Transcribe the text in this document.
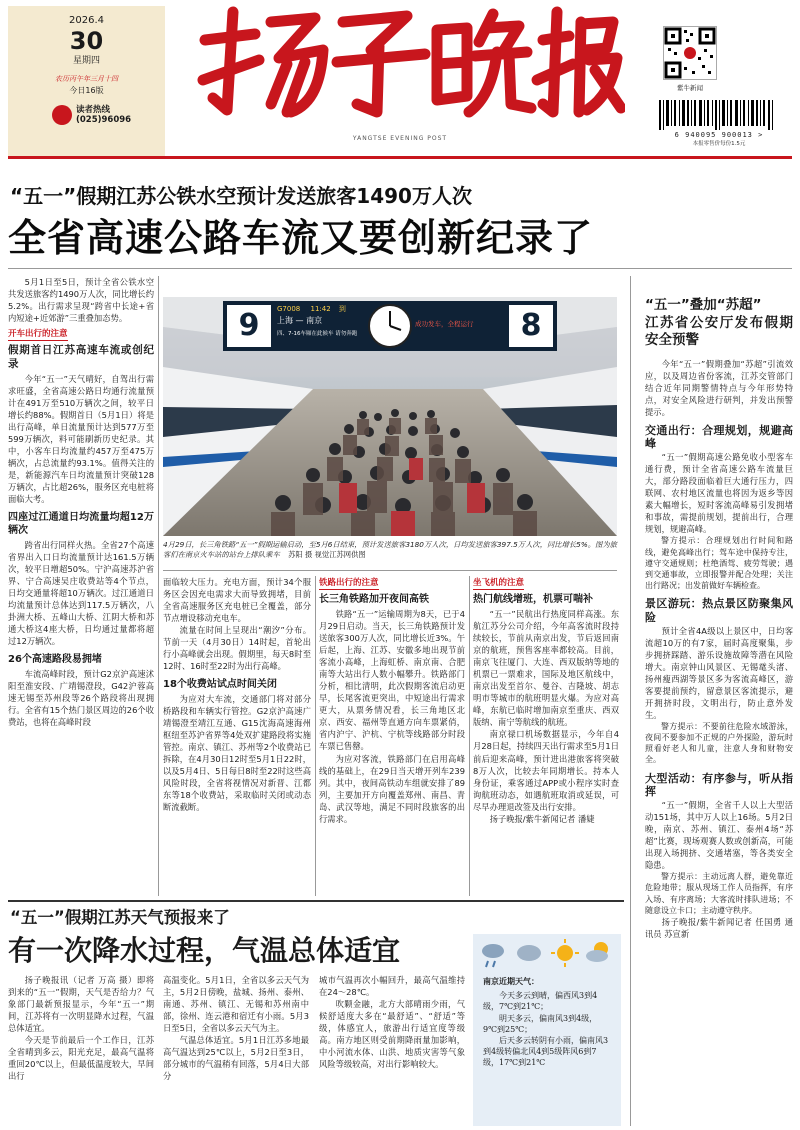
2026.4
30
星期四
农历丙午年三月十四
今日16版
读者热线
(025)96096
YANGTSE EVENING POST
紫牛新闻
6 940095 900013 >
本报零售价每份1.5元
“五一”假期江苏公铁水空预计发送旅客1490万人次
全省高速公路车流又要创新纪录了

5月1日至5日，预计全省公铁水空共发送旅客约1490万人次，同比增长约5.2%。出行需求呈现“跨省中长途+省内短途+近郊游”三重叠加态势。

开车出行的注意
假期首日江苏高速车流或创纪录

今年“五一”天气晴好，自驾出行需求旺盛，全省高速公路日均通行流量预计在491万至510万辆次之间，较平日增长约88%。假期首日（5月1日）将是出行高峰，单日流量预计达到577万至599万辆次，料可能刷新历史纪录。其中，小客车日均流量约457万至475万辆次，占总流量约93.1%。值得关注的是，新能源汽车日均流量预计突破128万辆次，占比超26%，服务区充电桩将面临大考。

四座过江通道日均流量均超12万辆次

跨省出行同样火热。全省27个高速省界出入口日均流量预计达161.5万辆次，较平日增超50%。宁沪高速苏沪省界、宁合高速吴庄收费站等4个节点，日均交通量将超10万辆次。过江通道日均流量预计总体达到117.5万辆次，八卦洲大桥、五峰山大桥、江阴大桥和苏通大桥这4座大桥，日均通过量都将超过12万辆次。

26个高速路段易拥堵

车流高峰时段，预计G2京沪高速沭阳至淮安段、广靖锡澄段，G42沪蓉高速无锡至苏州段等26个路段将出现拥行。全省有15个热门景区周边的26个收费站，也将在高峰时段

9	8
G7008 11:42 到
上海 — 南京
四、7-16车厢在此候车 请勿奔跑
成功发车，全程运行
4月29日，长三角铁路“五一”假期运输启动，至5月6日结束，预计发送旅客3180万人次，日均发送旅客397.5万人次，同比增长5%。图为旅客们在南京火车站的站台上排队乘车 苏阳 摄 视觉江苏网供图

面临较大压力。充电方面，预计34个服务区会因充电需求大而导致拥堵，目前全省高速服务区充电桩已全覆盖，部分节点增设移动充电车。

流量在时间上呈现出“潮汐”分布。节前一天（4月30日）14时起，首轮出行小高峰就会出现。假期里，每天8时至12时、16时至22时为出行高峰。

18个收费站试点时间关闭

为应对大车流，交通部门将对部分桥路段和车辆实行管控。G2京沪高速广靖锡澄至靖江互通、G15沈海高速海州枢纽至苏沪省界等4处双扩建路段将实施管控。南京、镇江、苏州等2个收费站已拆除，在4月30日12时至5月1日22时，以及5月4日、5日每日8时至22时这些高风险时段，全省将视情况对新晋、江都东等18个收费站，采取临时关闭或动态断流截断。

铁路出行的注意
长三角铁路加开夜间高铁

铁路“五一”运输周期为8天，已于4月29日启动。当天，长三角铁路预计发送旅客300万人次，同比增长近3%。午后起，上海、江苏、安徽多地出现节前客流小高峰，上海虹桥、南京南、合肥南等大站出行人数小幅攀升。铁路部门分析，相比清明，此次假期客流启动更早，长尾客流更突出，中短途出行需求更大，从票务情况看，长三角地区北京、西安、福州等直通方向车票紧俏，省内沪宁、沪杭、宁杭等线路部分时段车票已售罄。

为应对客流，铁路部门在启用高峰线的基础上，在29日当天增开列车239列。其中，夜间高铁动车组就安排了89列，主要加开方向覆盖郑州、南昌、青岛、武汉等地，满足不同时段旅客的出行需求。

坐飞机的注意
热门航线增班，机票可喘补

“五一”民航出行热度同样高涨。东航江苏分公司介绍，今年高客流时段持续较长，节前从南京出发，节后返回南京的航班，预售客座率都较高。目前，南京飞往厦门、大连、西双版纳等地的机票已一票难求，国际及地区航线中，南京出发至首尔、曼谷、吉隆坡、胡志明市等城市的航班明显火爆。为应对高峰，东航已临时增加南京至重庆、西双版纳、南宁等航线的航班。

南京禄口机场数据显示，今年自4月28日起，持续四天出行需求至5月1日前后迎来高峰，预计进出港旅客将突破8万人次，比较去年同期增长。持本人身份证，乘客通过APP或小程序实时查询航班动态，如遇航班取消或延误，可尽早办理退改签及出行安排。

扬子晚报/紫牛新闻记者 潘婕

“五一”叠加“苏超”
江苏省公安厅发布假期安全预警

今年“五一”假期叠加“苏超”引流效应，以及周边省份客流，江苏交管部门结合近年同期警情特点与今年形势特点，对安全风险进行研判，并发出预警提示。

交通出行：合理规划，规避高峰

“五一”假期高速公路免收小型客车通行费，预计全省高速公路车流量巨大，部分路段面临着巨大通行压力，四联网、农村地区流量也将因为返乡等因素大幅增长，短时客流高峰易引发拥堵和事故，需提前规划，提前出行，合理规划，规避高峰。

警方提示：合理规划出行时间和路线，避免高峰出行；驾车途中保持专注，遵守交通规则；杜绝酒驾、疲劳驾驶；遇到交通事故，立即报警并配合处理；关注出行路况；出发前做好车辆检查。

景区游玩：热点景区防聚集风险

预计全省4A级以上景区中，日均客流超10万的有7家，届时高度聚集，步步拥挤踩踏、游乐设施故障等潜在风险增大。南京钟山风景区、无锡鼋头渚、扬州瘦西湖等景区多为客流高峰区，游客要提前预约，留意景区客流提示，避开拥挤时段，文明出行，防止意外发生。

警方提示：不要前往危险水域游泳，夜间不要参加不正规的户外探险，游玩时照看好老人和儿童，注意人身和财物安全。

大型活动：有序参与，听从指挥

“五一”假期，全省千人以上大型活动151场，其中万人以上16场。5月2日晚，南京、苏州、镇江、泰州4场“苏超”比赛，现场观赛人数或创新高，可能出现入场拥挤、交通堵塞，等各类安全隐患。

警方提示：主动远离人群，避免靠近危险地带；服从现场工作人员指挥，有序入场、有序离场；大客流时排队进场；不随意设立卡口；主动遵守秩序。

扬子晚报/紫牛新闻记者 任国勇 通讯员 苏宣新

“五一”假期江苏天气预报来了
有一次降水过程，气温总体适宜

扬子晚报讯（记者 万高 摄）即将到来的“五一”假期，天气是否给力？气象部门最新预报显示，今年“五一”期间，江苏将有一次明显降水过程，气温总体适宜。

今天是节前最后一个工作日，江苏全省晴到多云，阳光充足，最高气温将重回20℃以上，但最低温度较大，早间出行

高温变化。5月1日，全省以多云天气为主，5月2日傍晚，盐城、扬州、泰州、南通、苏州、镇江、无锡和苏州南中部，徐州、连云港和宿迁有小雨。5月3日至5日，全省以多云天气为主。

气温总体适宜。5月1日江苏多地最高气温达到25℃以上，5月2日至3日，部分城市的气温稍有回落，5月4日大部分

城市气温再次小幅回升，最高气温维持在24～28℃。

吹颗金融，北方大部晴雨少雨，气候舒适度大多在“最舒适”、“舒适”等级，体感宜人，旅游出行适宜度等级高。南方地区则受前期降雨量加影响，中小河流水体、山洪、地质灾害等气象风险等级较高，对出行影响较大。

南京近期天气：

今天多云到晴，偏西风3到4级，7℃到21℃；

明天多云，偏南风3到4级，9℃到25℃；

后天多云转阴有小雨，偏南风3到4级转偏北风4到5级阵风6到7级，17℃到21℃
